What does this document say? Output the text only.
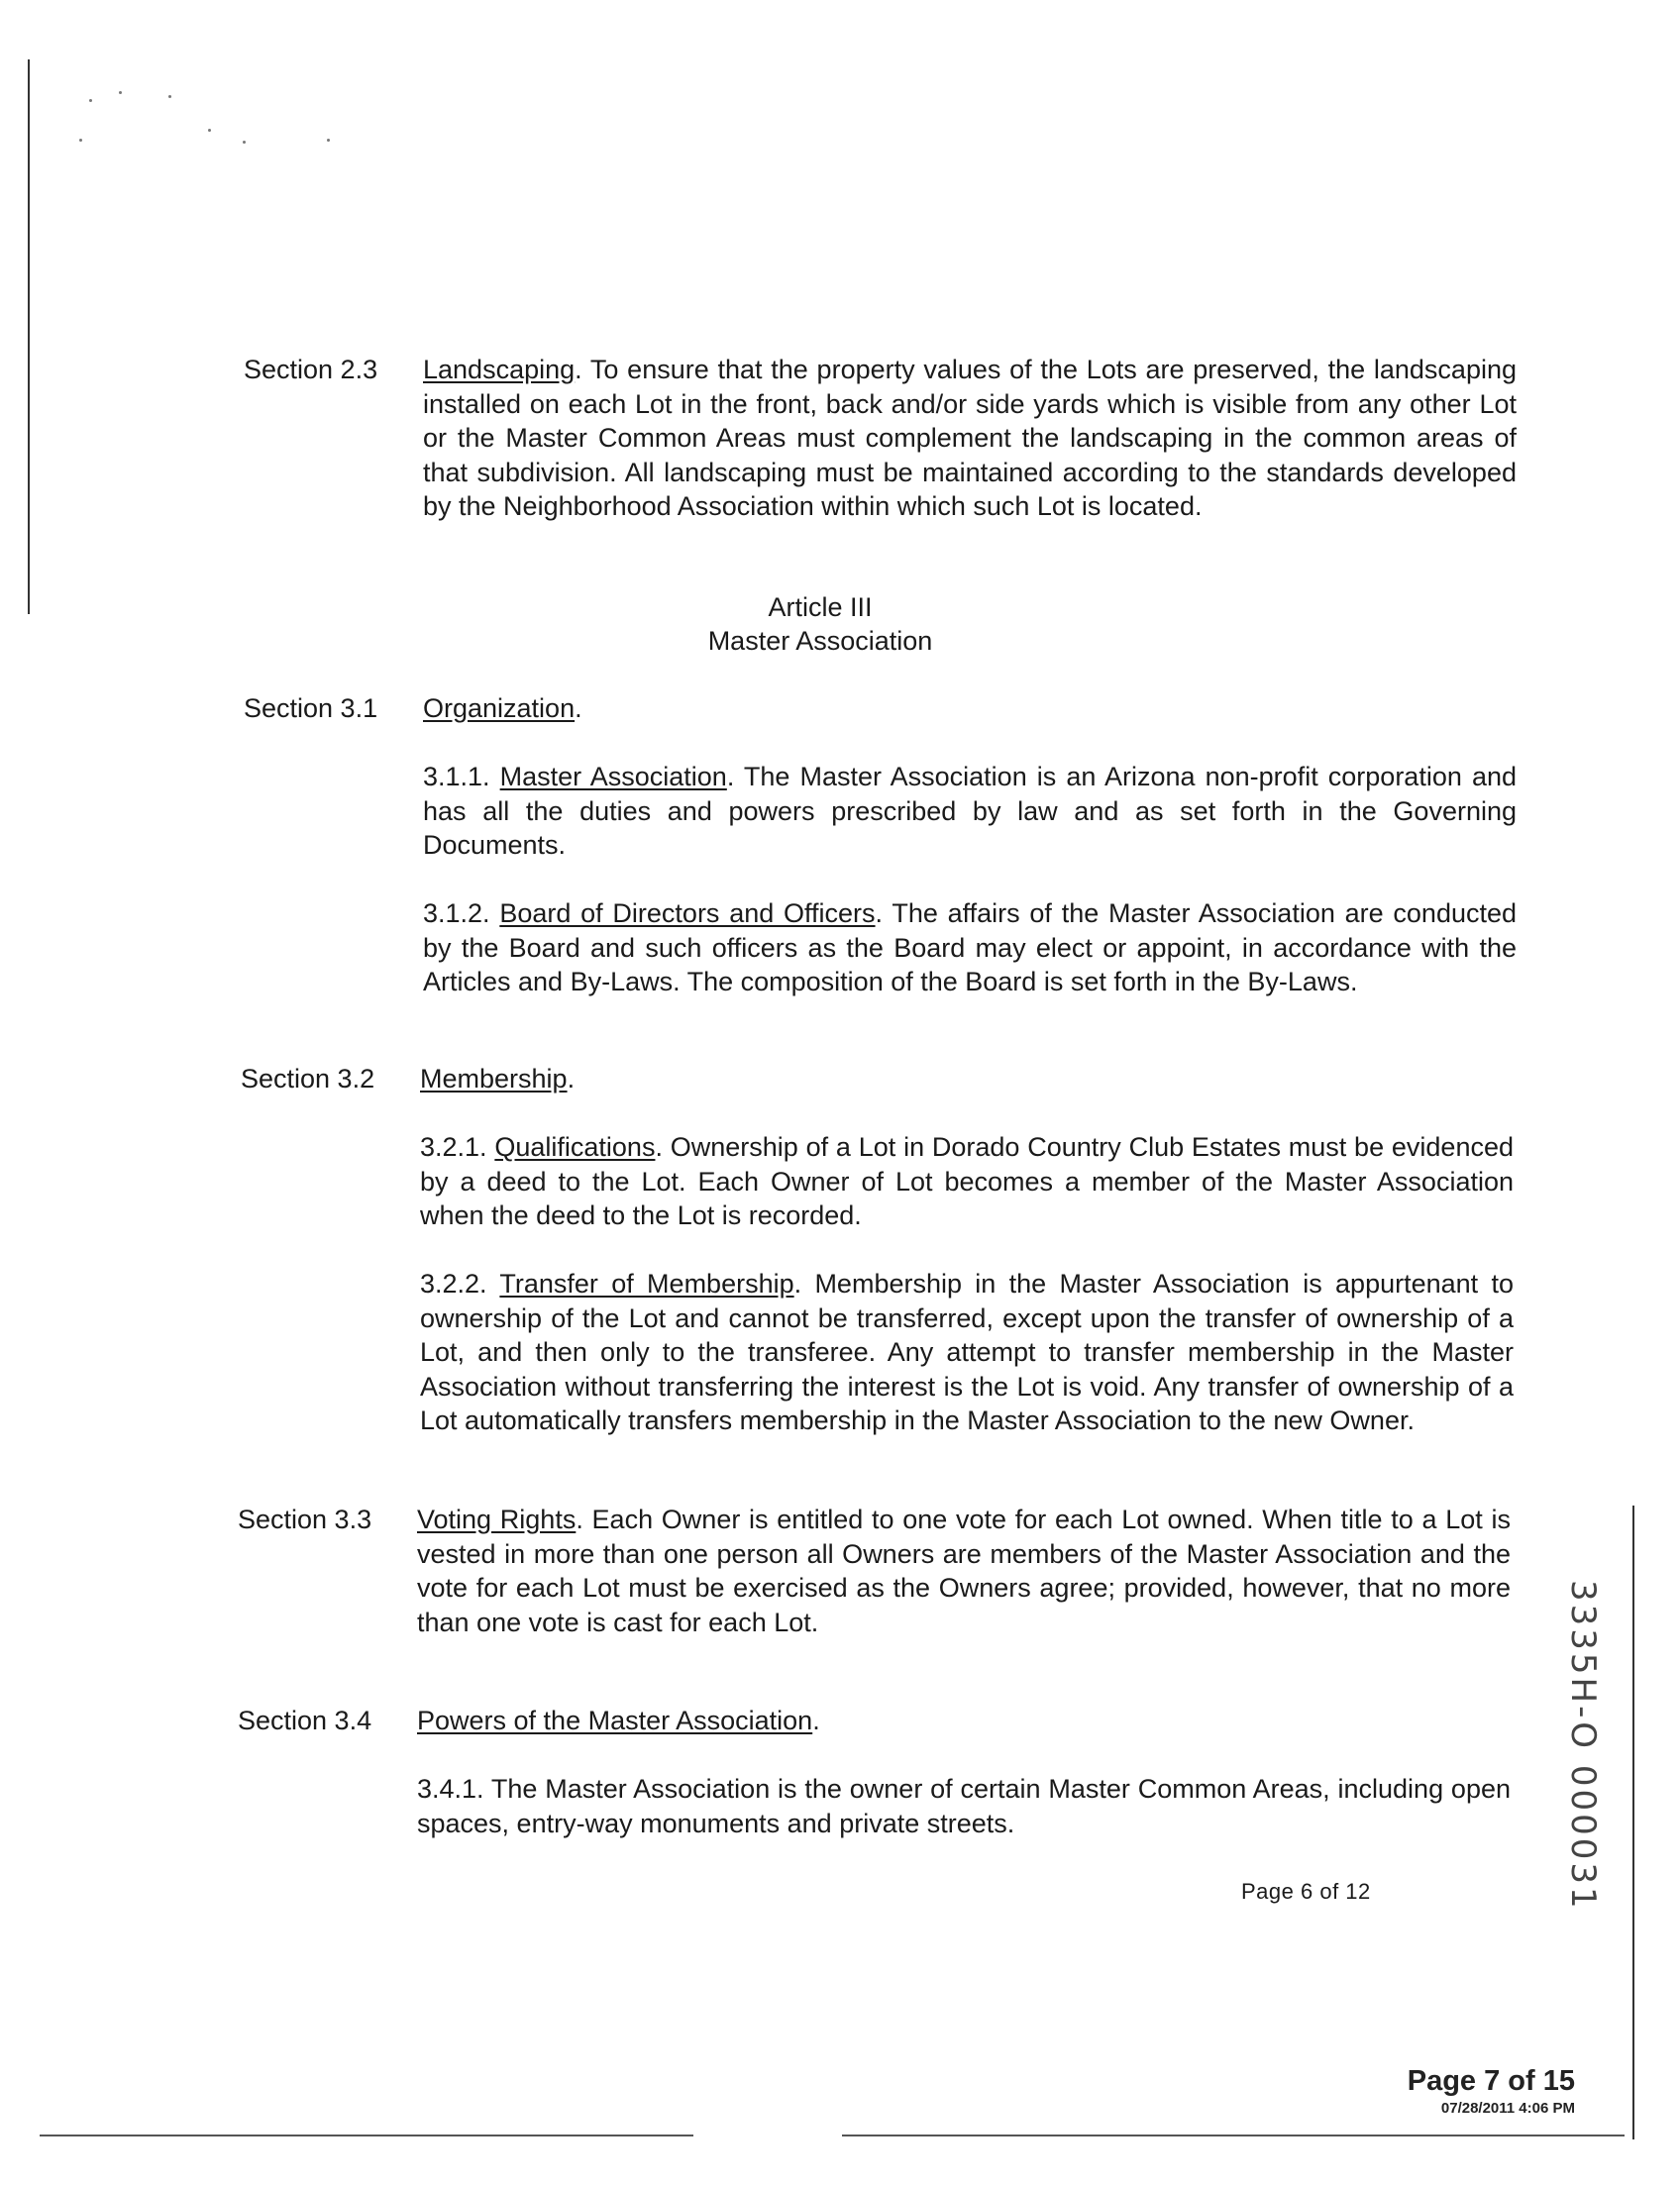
Section 2.3 Landscaping. To ensure that the property values of the Lots are preserved, the landscaping installed on each Lot in the front, back and/or side yards which is visible from any other Lot or the Master Common Areas must complement the landscaping in the common areas of that subdivision. All landscaping must be maintained according to the standards developed by the Neighborhood Association within which such Lot is located.
Article III
Master Association
Section 3.1 Organization.
3.1.1. Master Association. The Master Association is an Arizona non-profit corporation and has all the duties and powers prescribed by law and as set forth in the Governing Documents.
3.1.2. Board of Directors and Officers. The affairs of the Master Association are conducted by the Board and such officers as the Board may elect or appoint, in accordance with the Articles and By-Laws. The composition of the Board is set forth in the By-Laws.
Section 3.2 Membership.
3.2.1. Qualifications. Ownership of a Lot in Dorado Country Club Estates must be evidenced by a deed to the Lot. Each Owner of Lot becomes a member of the Master Association when the deed to the Lot is recorded.
3.2.2. Transfer of Membership. Membership in the Master Association is appurtenant to ownership of the Lot and cannot be transferred, except upon the transfer of ownership of a Lot, and then only to the transferee. Any attempt to transfer membership in the Master Association without transferring the interest is the Lot is void. Any transfer of ownership of a Lot automatically transfers membership in the Master Association to the new Owner.
Section 3.3 Voting Rights. Each Owner is entitled to one vote for each Lot owned. When title to a Lot is vested in more than one person all Owners are members of the Master Association and the vote for each Lot must be exercised as the Owners agree; provided, however, that no more than one vote is cast for each Lot.
Section 3.4 Powers of the Master Association.
3.4.1. The Master Association is the owner of certain Master Common Areas, including open spaces, entry-way monuments and private streets.
Page 6 of 12	3335H-O 000031
Page 7 of 15
07/28/2011 4:06 PM
